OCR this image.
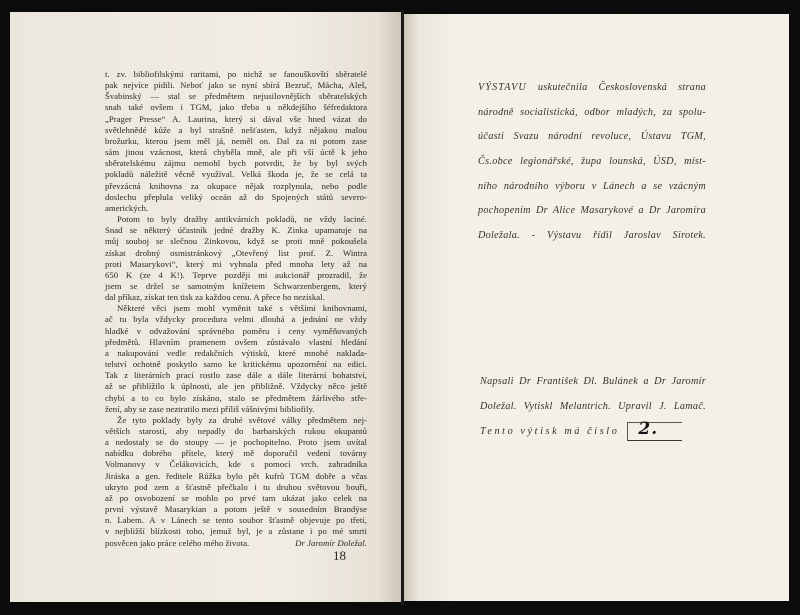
t. zv. bibliofilskými raritami, po nichž se fanouškovští sběratelé
pak nejvíce pídili. Neboť jako se nyní sbírá Bezruč, Mácha, Aleš,
Švabinský — stal se předmětem nejusilovnějších sběratelských
snah také ovšem i TGM, jako třeba u někdejšího šéfredaktora
„Prager Presse“ A. Laurina, který si dával vše hned vázat do
světlehnědé kůže a byl strašně nešťasten, když nějakou malou
brožurku, kterou jsem měl já, neměl on. Dal za ni potom zase
sám jinou vzácnost, která chyběla mně, ale při vší úctě k jeho
sběratelskému zájmu nemohl bych potvrdit, že by byl svých
pokladů náležitě věcně využíval. Velká škoda je, že se celá ta
převzácná knihovna za okupace nějak rozplynula, nebo podle
doslechu přeplula veliký oceán až do Spojených států severo-
amerických.
Potom to byly dražby antikvárních pokladů, ne vždy laciné.
Snad se některý účastník jedné dražby K. Zinka upamatuje na
můj souboj se slečnou Zinkovou, když se proti mně pokoušela
získat drobný osmistránkový „Otevřený list prof. Z. Wintra
proti Masarykovi“, který mi vyhnala před mnoha lety až na
650 K (ze 4 K!). Teprve později mi aukcionář prozradil, že
jsem se držel se samotným knížetem Schwarzenbergem, který
dal příkaz, získat ten tisk za každou cenu. A přece ho nezískal.
Některé věci jsem mohl vyměnit také s většími knihovnami,
ač tu byla vždycky procedura velmi dlouhá a jednání ne vždy
hladké v odvažování správného poměru i ceny vyměňovaných
předmětů. Hlavním pramenem ovšem zůstávalo vlastní hledání
a nakupování vedle redakčních výtisků, které mnohé naklada-
telství ochotně poskytlo samo ke kritickému upozornění na edici.
Tak z literárních prací rostlo zase dále a dále literární bohatství,
až se přiblížilo k úplnosti, ale jen přibližně. Vždycky něco ještě
chybí a to co bylo získáno, stalo se předmětem žárlivého stře-
žení, aby se zase neztratilo mezi příliš vášnivými bibliofily.
Že tyto poklady byly za druhé světové války předmětem nej-
větších starostí, aby nepadly do barbarských rukou okupantů
a nedostaly se do stoupy — je pochopitelno. Proto jsem uvítal
nabídku dobrého přítele, který mě doporučil vedení továrny
Volmanovy v Čelákovicích, kde s pomocí vrch. zahradníka
Jiráska a gen. ředitele Růžka bylo pět kufrů TGM dobře a včas
ukryto pod zem a šťastně přečkalo i tu druhou světovou bouři,
až po osvobození se mohlo po prvé tam ukázat jako celek na
první výstavě Masarykian a potom ještě v sousedním Brandýse
n. Labem. A v Lánech se tento soubor šťastně objevuje po třetí,
v nejbližší blízkosti toho, jemuž byl, je a zůstane i po mé smrti
posvěcen jako práce celého mého života.	Dr Jaromír Doležal.
18
VÝSTAVU uskutečnila Československá strana
národně socialistická, odbor mladých, za spolu-
účasti Svazu národní revoluce, Ústavu TGM,
Čs.obce legionářské, župa lounská, ÚSD, míst-
ního národního výboru v Lánech a se vzácným
pochopením Dr Alice Masarykové a Dr Jaromíra
Doležala. - Výstavu řídil Jaroslav Sirotek.
Napsali Dr František Dl. Bulánek a Dr Jaromír
Doležal. Vytiskl Melantrich. Upravil J. Lamač.
Tento výtisk má číslo 2.
